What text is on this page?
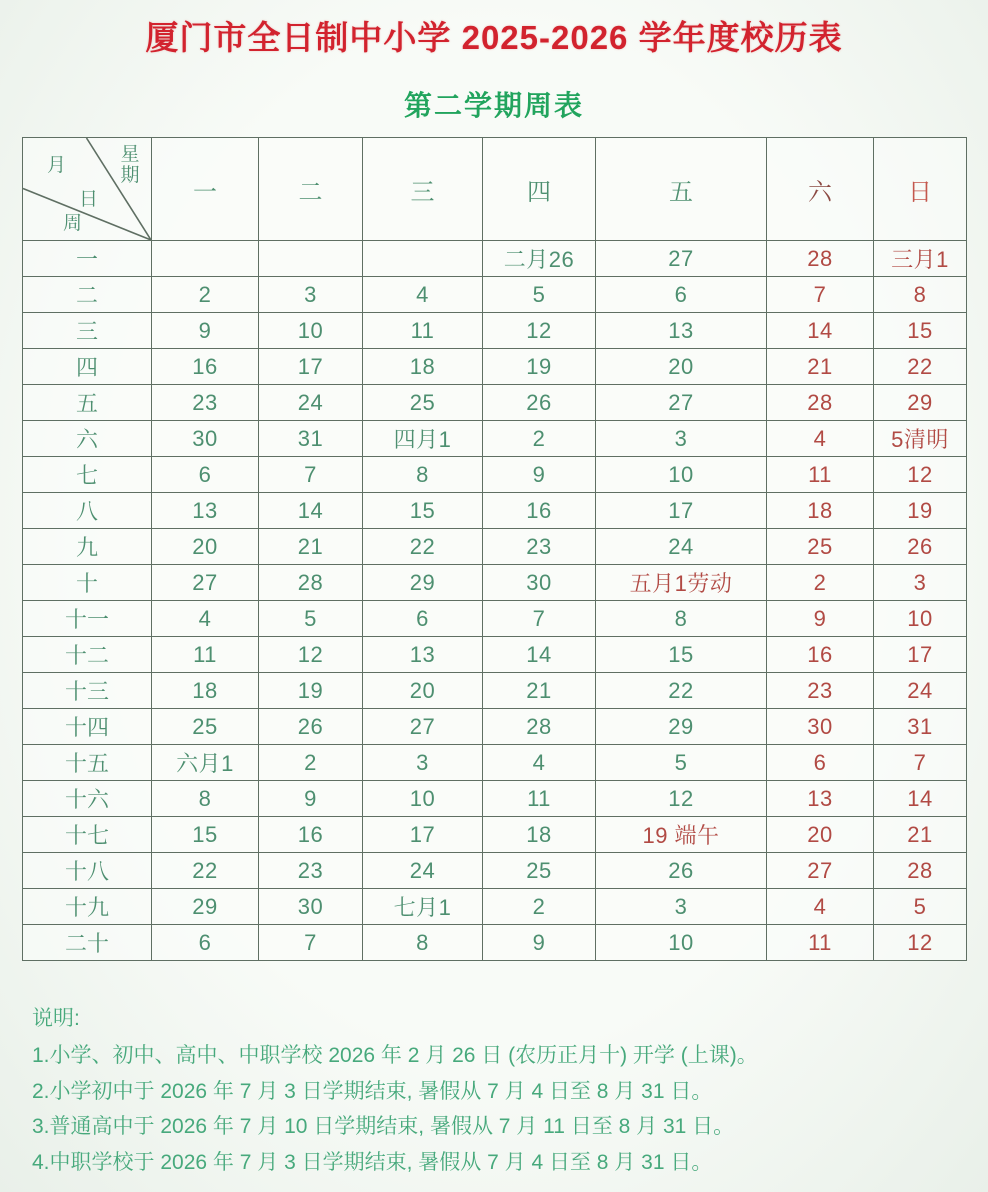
厦门市全日制中小学 2025-2026 学年度校历表
第二学期周表
月
星期
日
周	一	二	三	四	五	六	日
一				二月26	27	28	三月1
二	2	3	4	5	6	7	8
三	9	10	11	12	13	14	15
四	16	17	18	19	20	21	22
五	23	24	25	26	27	28	29
六	30	31	四月1	2	3	4	5清明
七	6	7	8	9	10	11	12
八	13	14	15	16	17	18	19
九	20	21	22	23	24	25	26
十	27	28	29	30	五月1劳动	2	3
十一	4	5	6	7	8	9	10
十二	11	12	13	14	15	16	17
十三	18	19	20	21	22	23	24
十四	25	26	27	28	29	30	31
十五	六月1	2	3	4	5	6	7
十六	8	9	10	11	12	13	14
十七	15	16	17	18	19 端午	20	21
十八	22	23	24	25	26	27	28
十九	29	30	七月1	2	3	4	5
二十	6	7	8	9	10	11	12
说明:
1.小学、初中、高中、中职学校 2026 年 2 月 26 日 (农历正月十) 开学 (上课)。
2.小学初中于 2026 年 7 月 3 日学期结束, 暑假从 7 月 4 日至 8 月 31 日。
3.普通高中于 2026 年 7 月 10 日学期结束, 暑假从 7 月 11 日至 8 月 31 日。
4.中职学校于 2026 年 7 月 3 日学期结束, 暑假从 7 月 4 日至 8 月 31 日。
